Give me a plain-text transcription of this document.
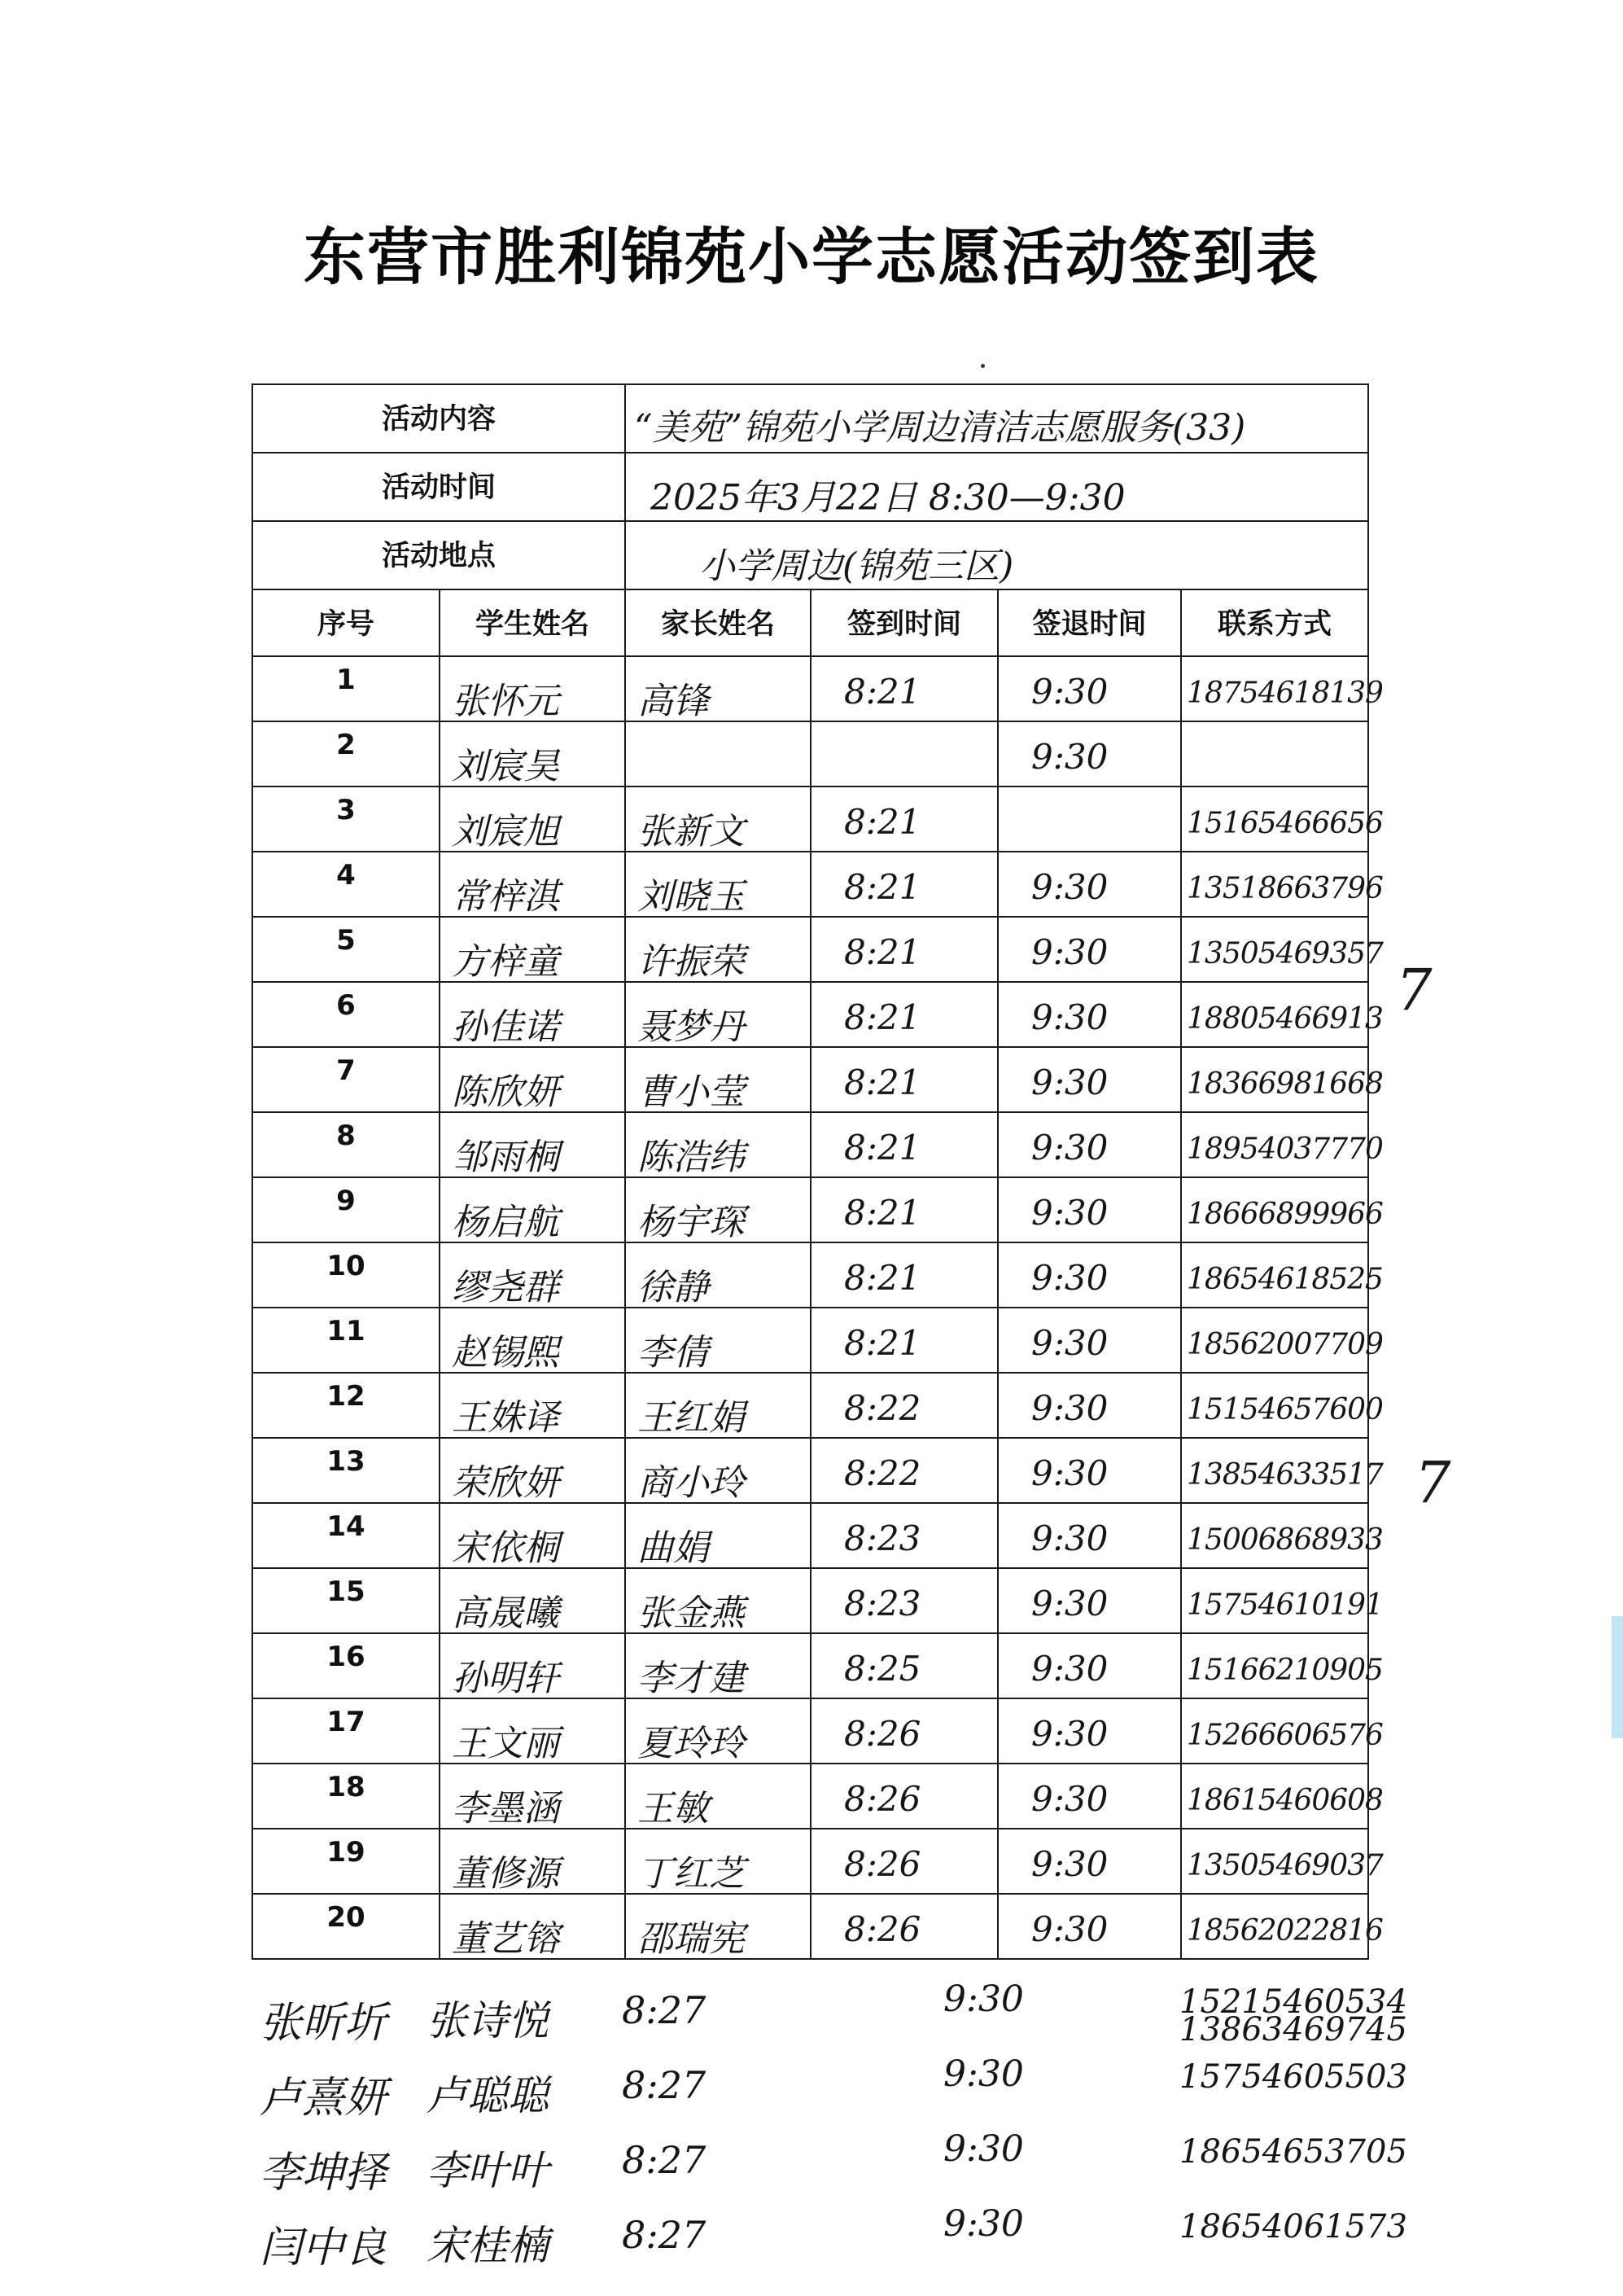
东营市胜利锦苑小学志愿活动签到表
活动内容		“美苑”锦苑小学周边清洁志愿服务(33)			

活动时间		2025年3月22日 8:30—9:30			

活动地点		小学周边(锦苑三区)			

序号	学生姓名	家长姓名	签到时间	签退时间	联系方式

1	张怀元	高锋	8:21	9:30	18754618139

2	刘宸昊			9:30	

3	刘宸旭	张新文	8:21		15165466656

4	常梓淇	刘晓玉	8:21	9:30	13518663796

5	方梓童	许振荣	8:21	9:30	13505469357

6	孙佳诺	聂梦丹	8:21	9:30	18805466913

7	陈欣妍	曹小莹	8:21	9:30	18366981668

8	邹雨桐	陈浩纬	8:21	9:30	18954037770

9	杨启航	杨宇琛	8:21	9:30	18666899966

10	缪尧群	徐静	8:21	9:30	18654618525

11	赵锡熙	李倩	8:21	9:30	18562007709

12	王姝译	王红娟	8:22	9:30	15154657600

13	荣欣妍	商小玲	8:22	9:30	13854633517

14	宋依桐	曲娟	8:23	9:30	15006868933

15	高晟曦	张金燕	8:23	9:30	15754610191

16	孙明轩	李才建	8:25	9:30	15166210905

17	王文丽	夏玲玲	8:26	9:30	15266606576

18	李墨涵	王敏	8:26	9:30	18615460608

19	董修源	丁红芝	8:26	9:30	13505469037

20	董艺镕	邵瑞宪	8:26	9:30	18562022816
张昕圻 张诗悦 8:27	9:30	15215460534 13863469745
卢熹妍 卢聪聪 8:27	9:30	15754605503
李坤择 李叶叶 8:27	9:30	18654653705
闫中良 宋桂楠 8:27	9:30	18654061573
7
7
